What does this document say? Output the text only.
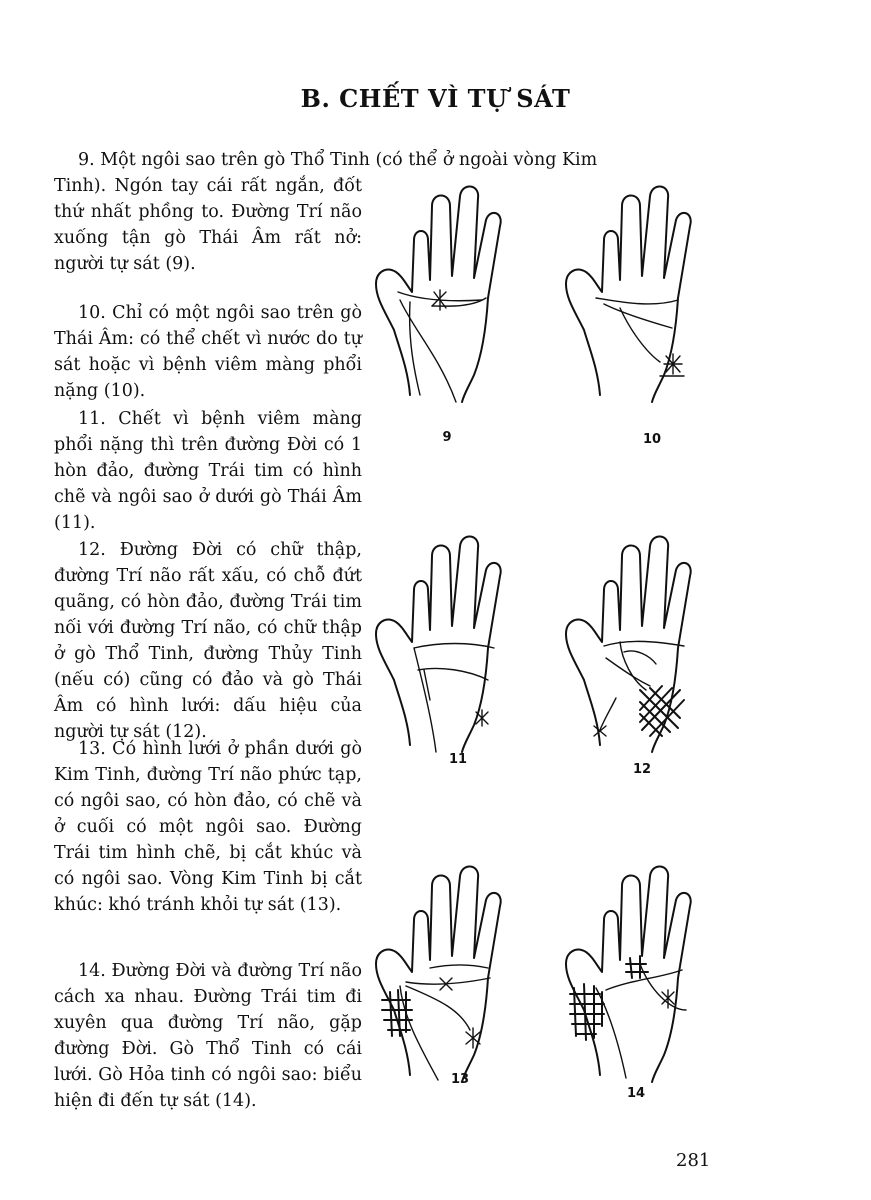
B. CHẾT VÌ TỰ SÁT
9. Một ngôi sao trên gò Thổ Tinh (có thể ở ngoài vòng Kim

Tinh). Ngón tay cái rất ngắn, đốt thứ nhất phồng to. Đường Trí não xuống tận gò Thái Âm rất nở: người tự sát (9).

10. Chỉ có một ngôi sao trên gò Thái Âm: có thể chết vì nước do tự sát hoặc vì bệnh viêm màng phổi nặng (10).

11. Chết vì bệnh viêm màng phổi nặng thì trên đường Đời có 1 hòn đảo, đường Trái tim có hình chẽ và ngôi sao ở dưới gò Thái Âm (11).

12. Đường Đời có chữ thập, đường Trí não rất xấu, có chỗ đứt quãng, có hòn đảo, đường Trái tim nối với đường Trí não, có chữ thập ở gò Thổ Tinh, đường Thủy Tinh (nếu có) cũng có đảo và gò Thái Âm có hình lưới: dấu hiệu của người tự sát (12).

13. Có hình lưới ở phần dưới gò Kim Tinh, đường Trí não phức tạp, có ngôi sao, có hòn đảo, có chẽ và ở cuối có một ngôi sao. Đường Trái tim hình chẽ, bị cắt khúc và có ngôi sao. Vòng Kim Tinh bị cắt khúc: khó tránh khỏi tự sát (13).

14. Đường Đời và đường Trí não cách xa nhau. Đường Trái tim đi xuyên qua đường Trí não, gặp đường Đời. Gò Thổ Tinh có cái lưới. Gò Hỏa tinh có ngôi sao: biểu hiện đi đến tự sát (14).

9	10
11
12
13
14
281
